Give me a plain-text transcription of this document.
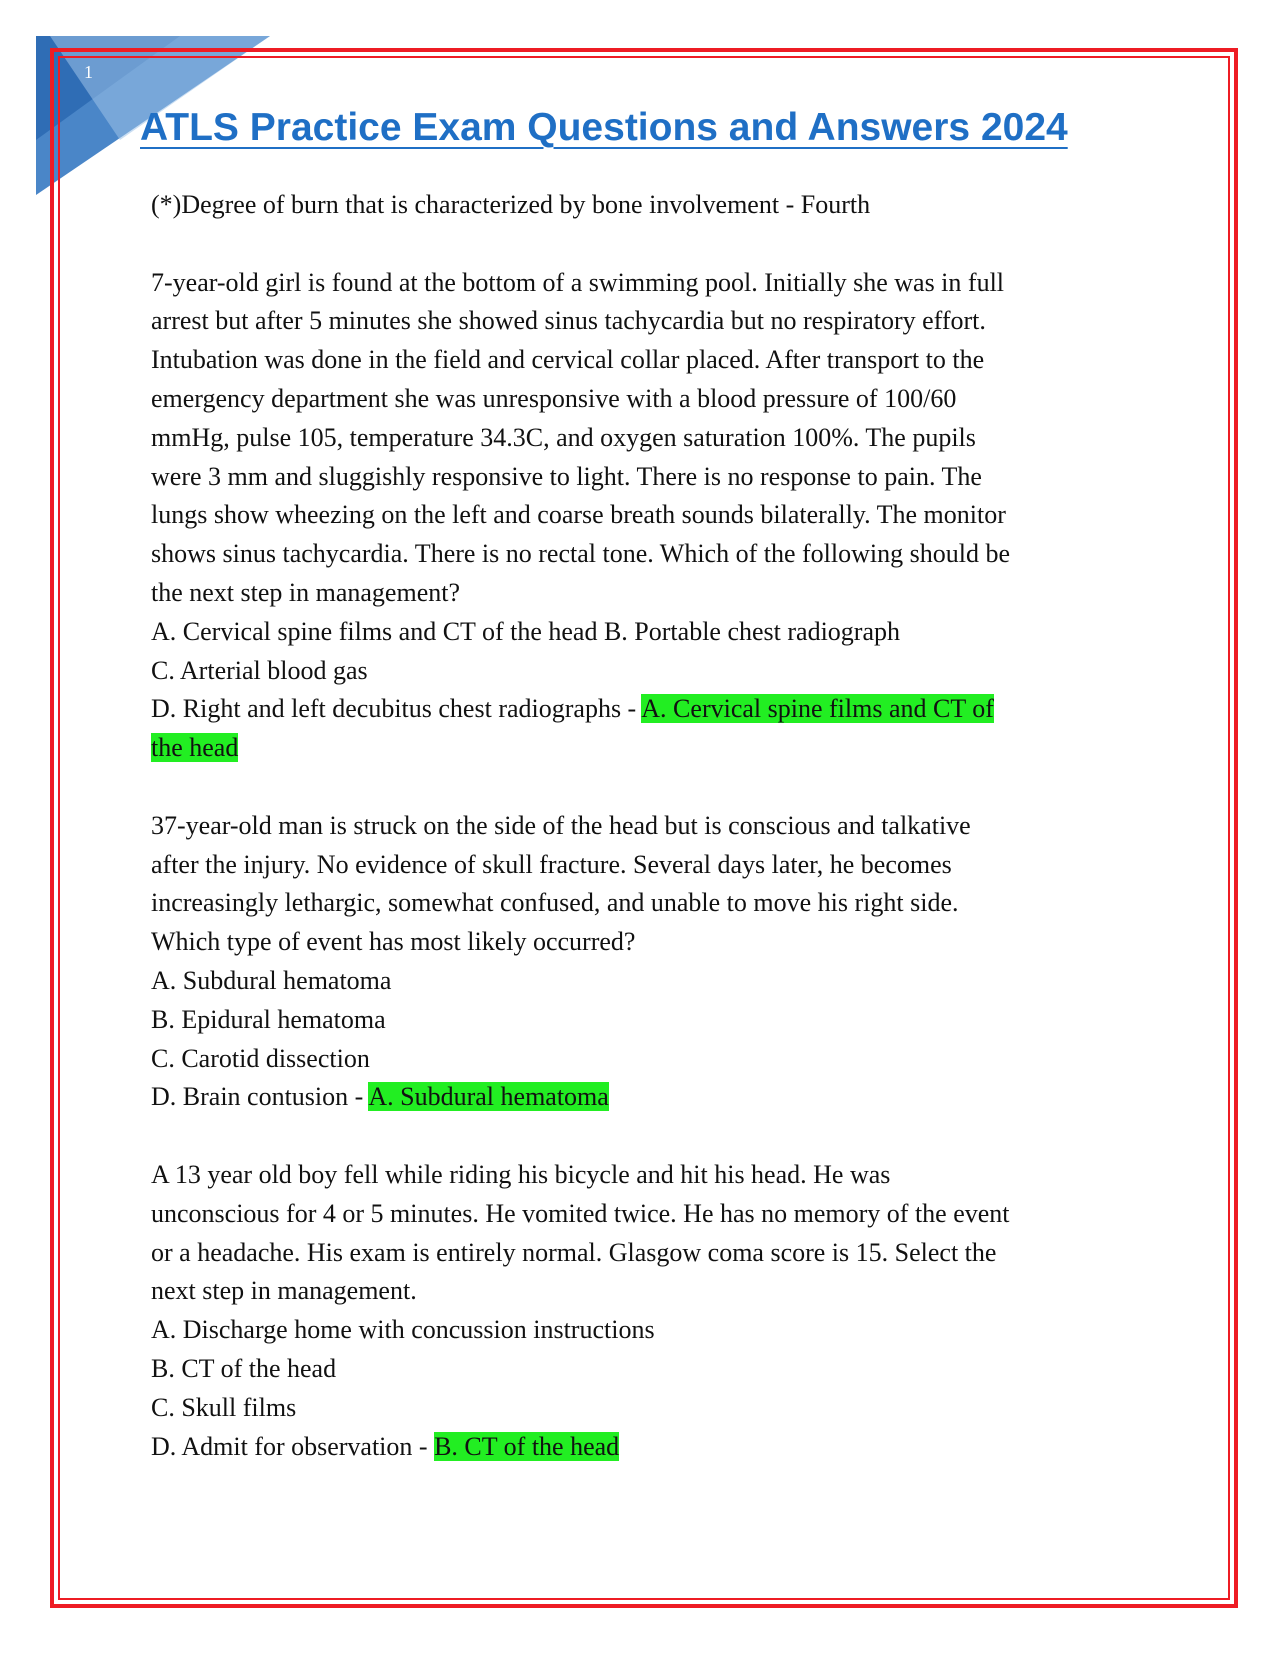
1
ATLS Practice Exam Questions and Answers 2024

(*)Degree of burn that is characterized by bone involvement - Fourth

7-year-old girl is found at the bottom of a swimming pool. Initially she was in full

arrest but after 5 minutes she showed sinus tachycardia but no respiratory effort.

Intubation was done in the field and cervical collar placed. After transport to the

emergency department she was unresponsive with a blood pressure of 100/60

mmHg, pulse 105, temperature 34.3C, and oxygen saturation 100%. The pupils

were 3 mm and sluggishly responsive to light. There is no response to pain. The

lungs show wheezing on the left and coarse breath sounds bilaterally. The monitor

shows sinus tachycardia. There is no rectal tone. Which of the following should be

the next step in management?

A. Cervical spine films and CT of the head B. Portable chest radiograph

C. Arterial blood gas

D. Right and left decubitus chest radiographs - A. Cervical spine films and CT of

the head

37-year-old man is struck on the side of the head but is conscious and talkative

after the injury. No evidence of skull fracture. Several days later, he becomes

increasingly lethargic, somewhat confused, and unable to move his right side.

Which type of event has most likely occurred?

A. Subdural hematoma

B. Epidural hematoma

C. Carotid dissection

D. Brain contusion - A. Subdural hematoma

A 13 year old boy fell while riding his bicycle and hit his head. He was

unconscious for 4 or 5 minutes. He vomited twice. He has no memory of the event

or a headache. His exam is entirely normal. Glasgow coma score is 15. Select the

next step in management.

A. Discharge home with concussion instructions

B. CT of the head

C. Skull films

D. Admit for observation - B. CT of the head
